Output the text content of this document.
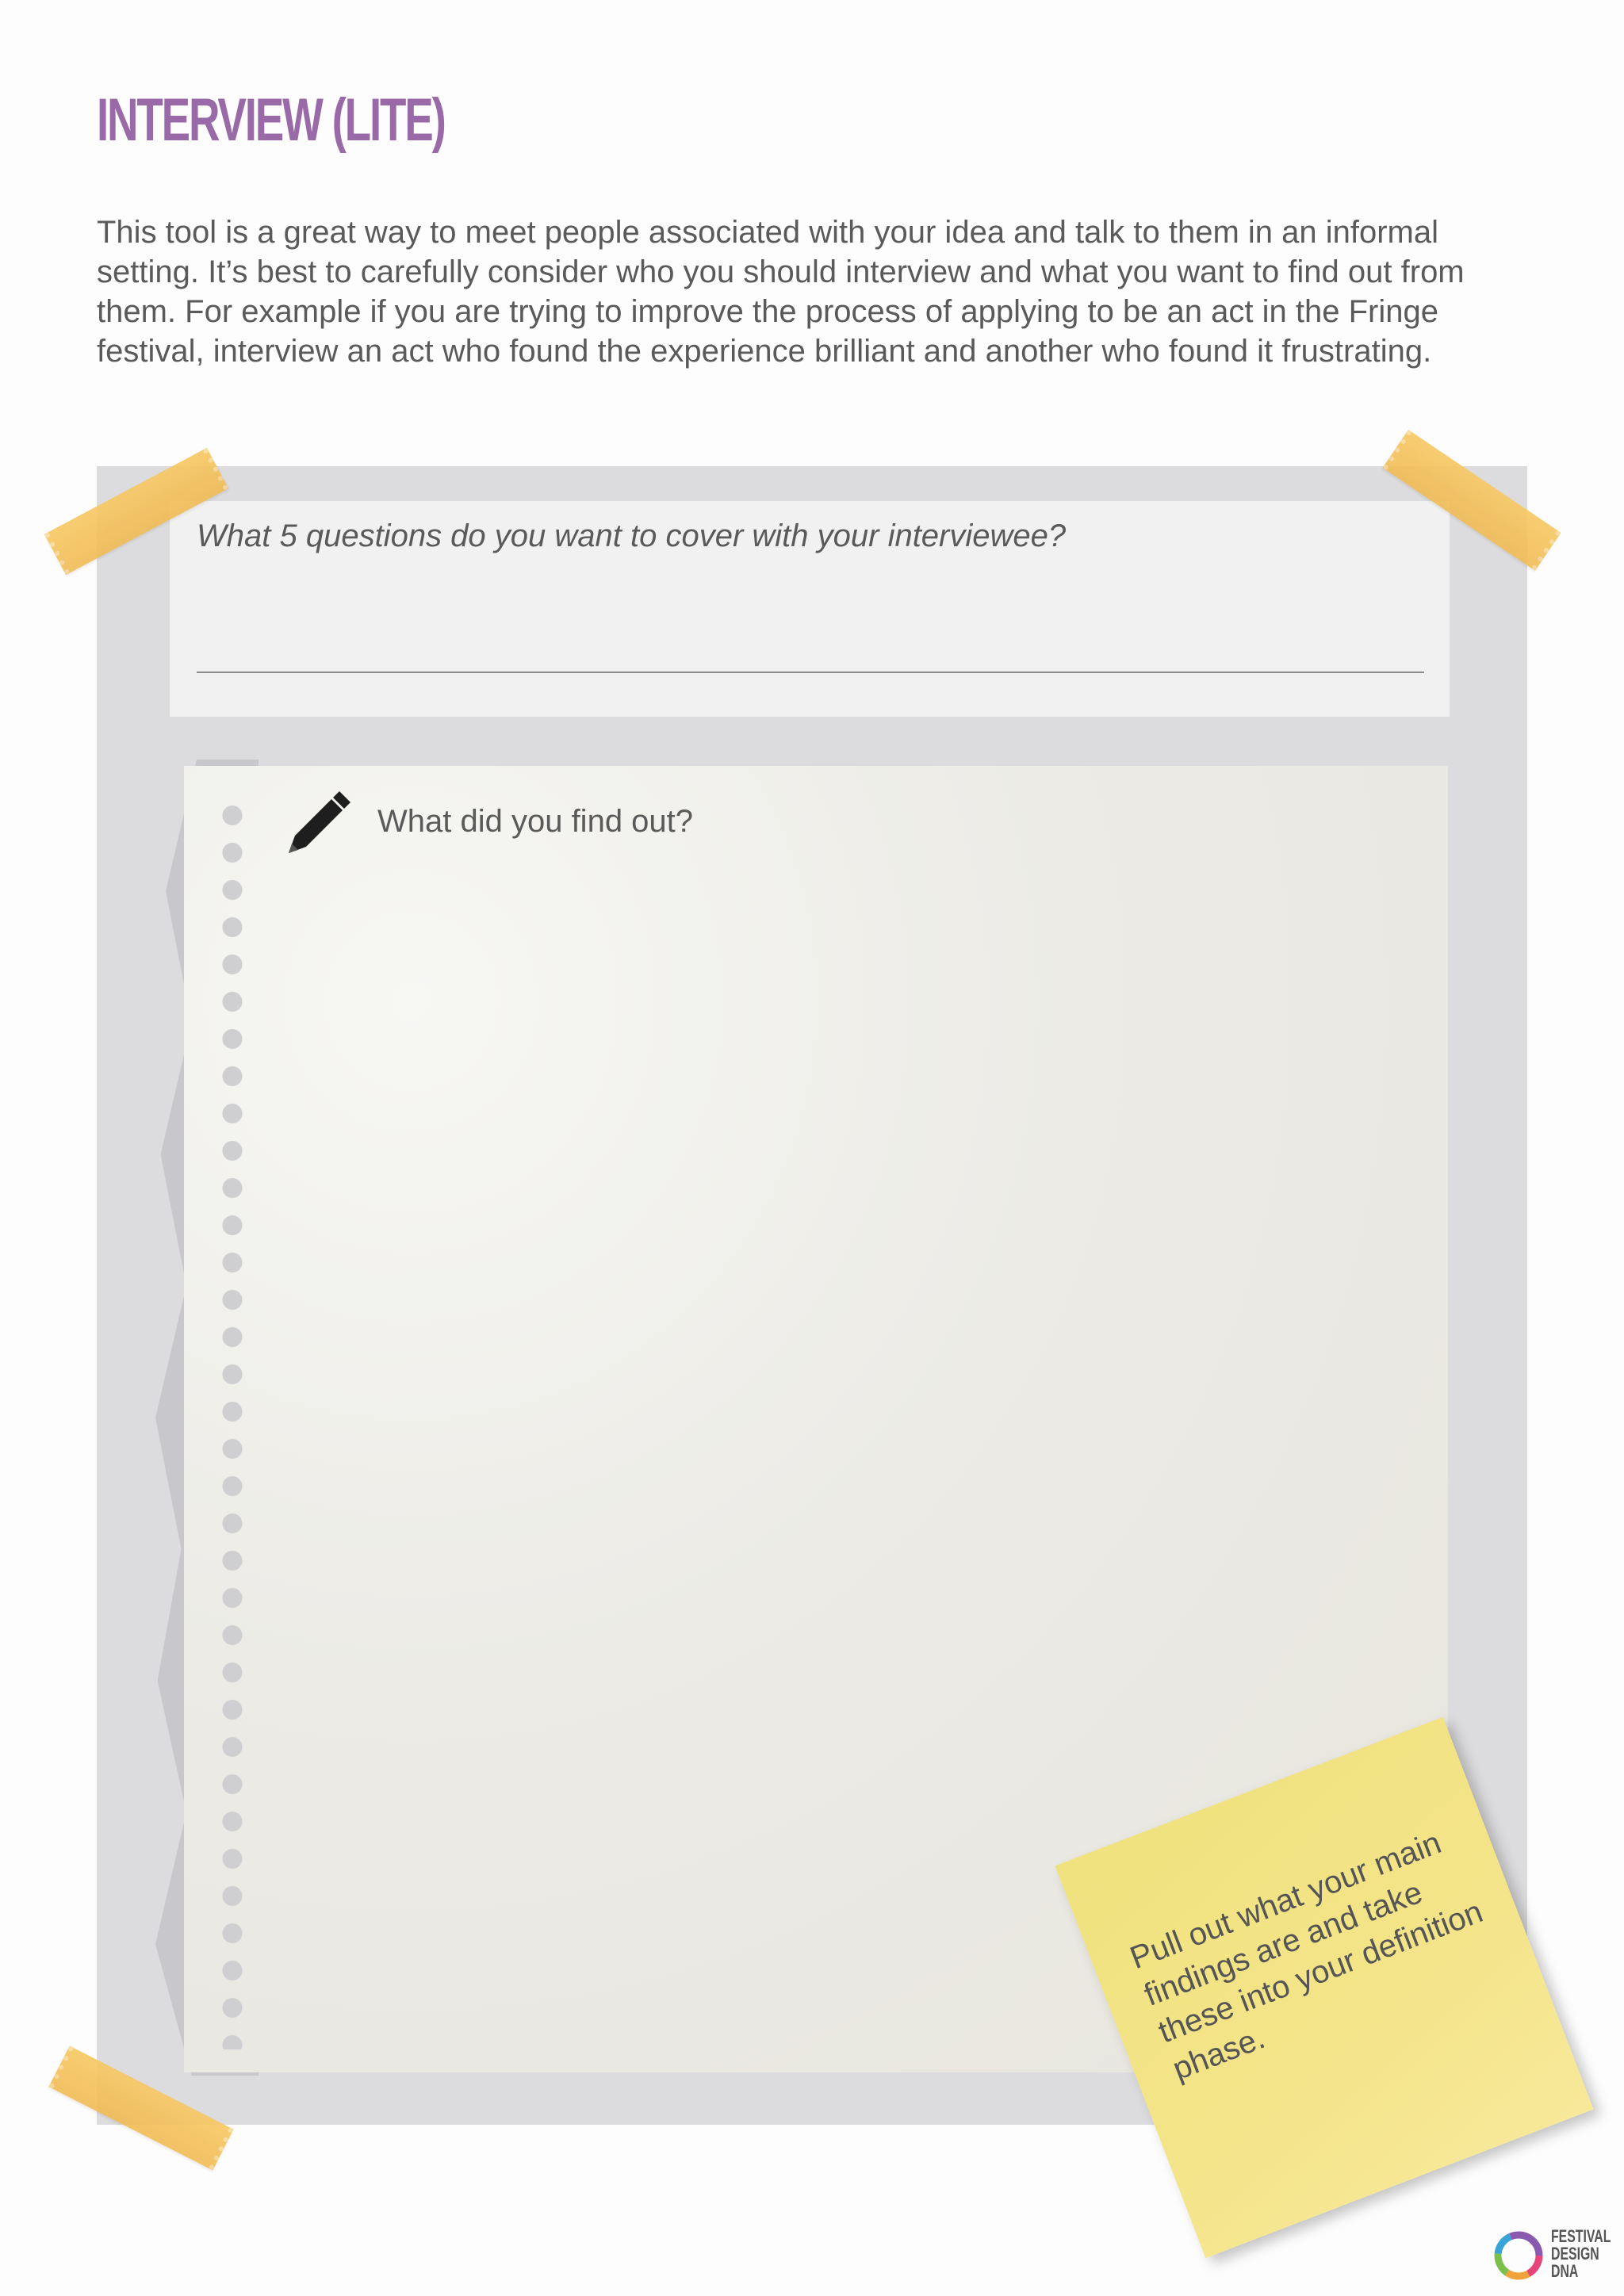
INTERVIEW (LITE)

This tool is a great way to meet people associated with your idea and talk to them in an informal setting. It’s best to carefully consider who you should interview and what you want to find out from them. For example if you are trying to improve the process of applying to be an act in the Fringe festival, interview an act who found the experience brilliant and another who found it frustrating.

What 5 questions do you want to cover with your interviewee?

What did you find out?

Pull out what your main findings are and take these into your definition phase.

FESTIVAL
DESIGN
DNA
